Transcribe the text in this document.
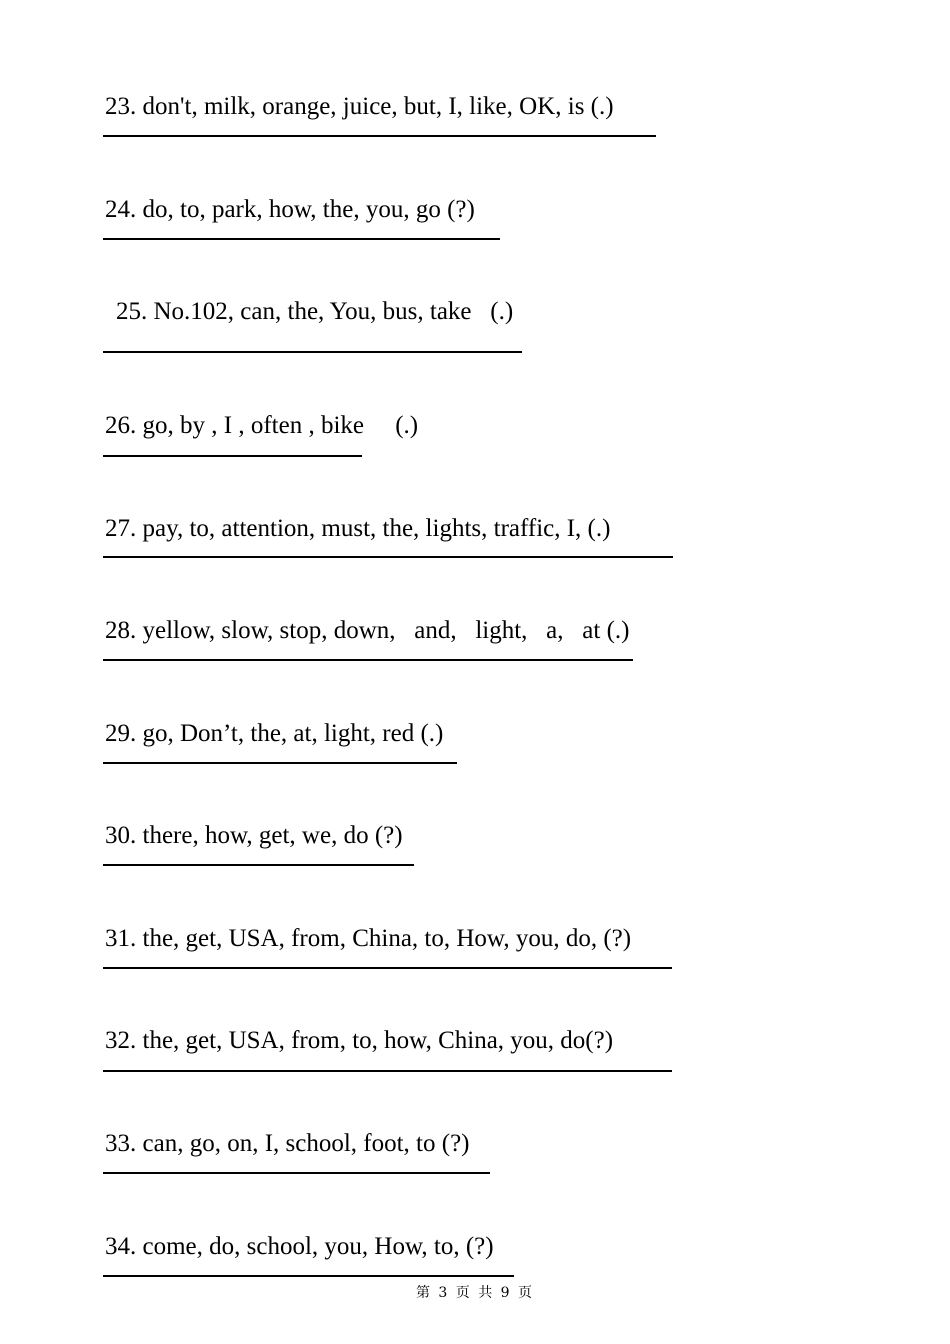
23. don't, milk, orange, juice, but, I, like, OK, is (.)

24. do, to, park, how, the, you, go (?)

25. No.102, can, the, You, bus, take   (.)

26. go, by , I , often , bike     (.)

27. pay, to, attention, must, the, lights, traffic, I, (.)

28. yellow, slow, stop, down,   and,   light,   a,   at (.)

29. go, Don’t, the, at, light, red (.)

30. there, how, get, we, do (?)

31. the, get, USA, from, China, to, How, you, do, (?)

32. the, get, USA, from, to, how, China, you, do(?)

33. can, go, on, I, school, foot, to (?)

34. come, do, school, you, How, to, (?)

第 3 页 共 9 页
